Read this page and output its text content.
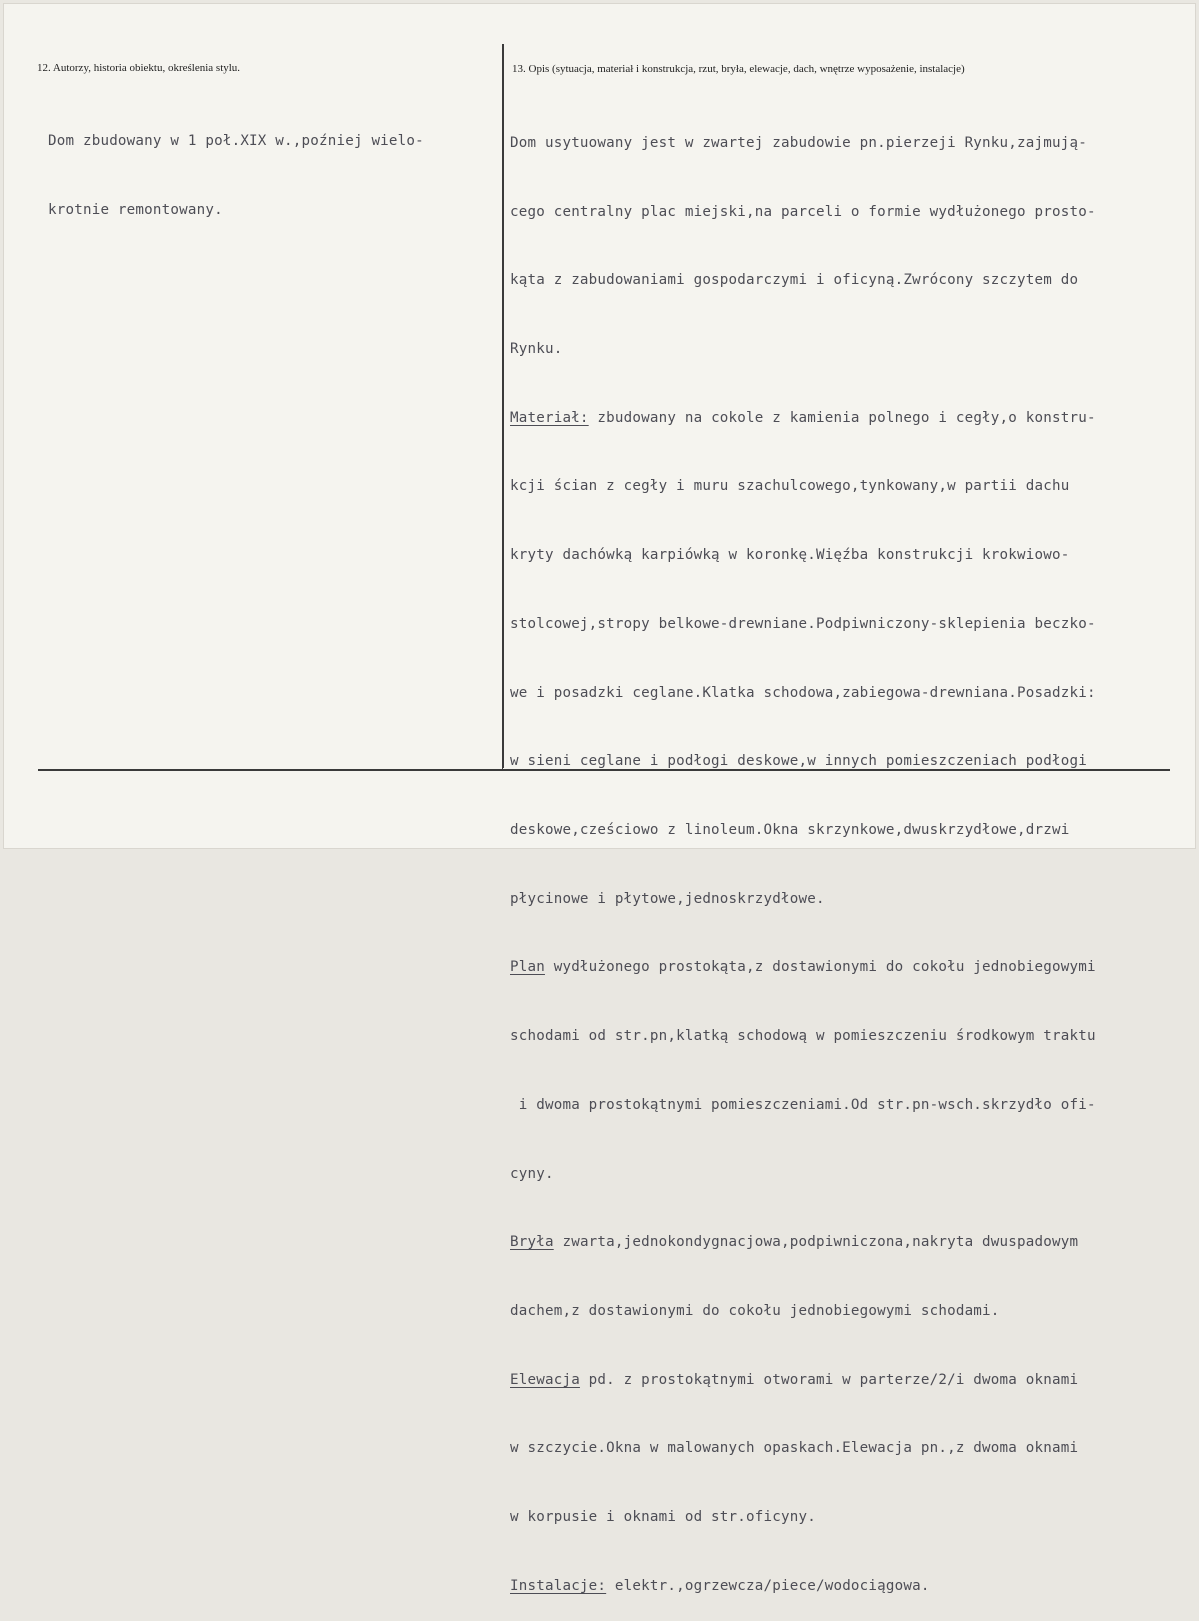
12. Autorzy, historia obiektu, określenia stylu.	13. Opis (sytuacja, materiał i konstrukcja, rzut, bryła, elewacje, dach, wnętrze wyposażenie, instalacje)

Dom zbudowany w 1 poł.XIX w.,poźniej wielo-

krotnie remontowany.

Dom usytuowany jest w zwartej zabudowie pn.pierzeji Rynku,zajmują-

cego centralny plac miejski,na parceli o formie wydłużonego prosto-

kąta z zabudowaniami gospodarczymi i oficyną.Zwrócony szczytem do

Rynku.

Materiał: zbudowany na cokole z kamienia polnego i cegły,o konstru-

kcji ścian z cegły i muru szachulcowego,tynkowany,w partii dachu

kryty dachówką karpiówką w koronkę.Więźba konstrukcji krokwiowo-

stolcowej,stropy belkowe-drewniane.Podpiwniczony-sklepienia beczko-

we i posadzki ceglane.Klatka schodowa,zabiegowa-drewniana.Posadzki:

w sieni ceglane i podłogi deskowe,w innych pomieszczeniach podłogi

deskowe,cześciowo z linoleum.Okna skrzynkowe,dwuskrzydłowe,drzwi

płycinowe i płytowe,jednoskrzydłowe.

Plan wydłużonego prostokąta,z dostawionymi do cokołu jednobiegowymi

schodami od str.pn,klatką schodową w pomieszczeniu środkowym traktu

i dwoma prostokątnymi pomieszczeniami.Od str.pn-wsch.skrzydło ofi-

cyny.

Bryła zwarta,jednokondygnacjowa,podpiwniczona,nakryta dwuspadowym

dachem,z dostawionymi do cokołu jednobiegowymi schodami.

Elewacja pd. z prostokątnymi otworami w parterze/2/i dwoma oknami

w szczycie.Okna w malowanych opaskach.Elewacja pn.,z dwoma oknami

w korpusie i oknami od str.oficyny.

Instalacje: elektr.,ogrzewcza/piece/wodociągowa.
